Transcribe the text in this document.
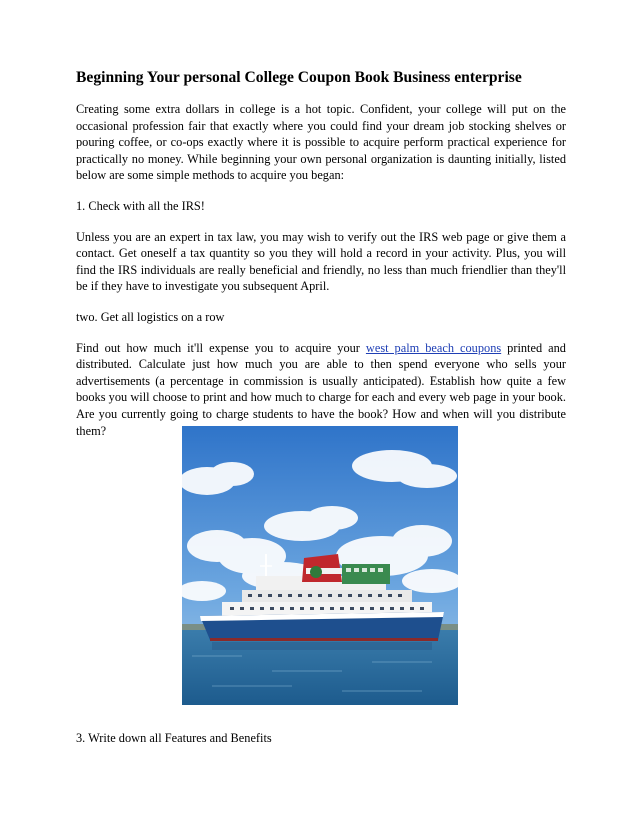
Beginning Your personal College Coupon Book Business enterprise

Creating some extra dollars in college is a hot topic. Confident, your college will put on the occasional profession fair that exactly where you could find your dream job stocking shelves or pouring coffee, or co-ops exactly where it is possible to acquire perform practical experience for practically no money. While beginning your own personal organization is daunting initially, listed below are some simple methods to acquire you began:

1. Check with all the IRS!

Unless you are an expert in tax law, you may wish to verify out the IRS web page or give them a contact. Get oneself a tax quantity so you they will hold a record in your activity. Plus, you will find the IRS individuals are really beneficial and friendly, no less than much friendlier than they'll be if they have to investigate you subsequent April.

two. Get all logistics on a row

Find out how much it'll expense you to acquire your west palm beach coupons printed and distributed. Calculate just how much you are able to then spend everyone who sells your advertisements (a percentage in commission is usually anticipated). Establish how quite a few books you will choose to print and how much to charge for each and every web page in your book. Are you currently going to charge students to have the book? How and when will you distribute them?

3. Write down all Features and Benefits
